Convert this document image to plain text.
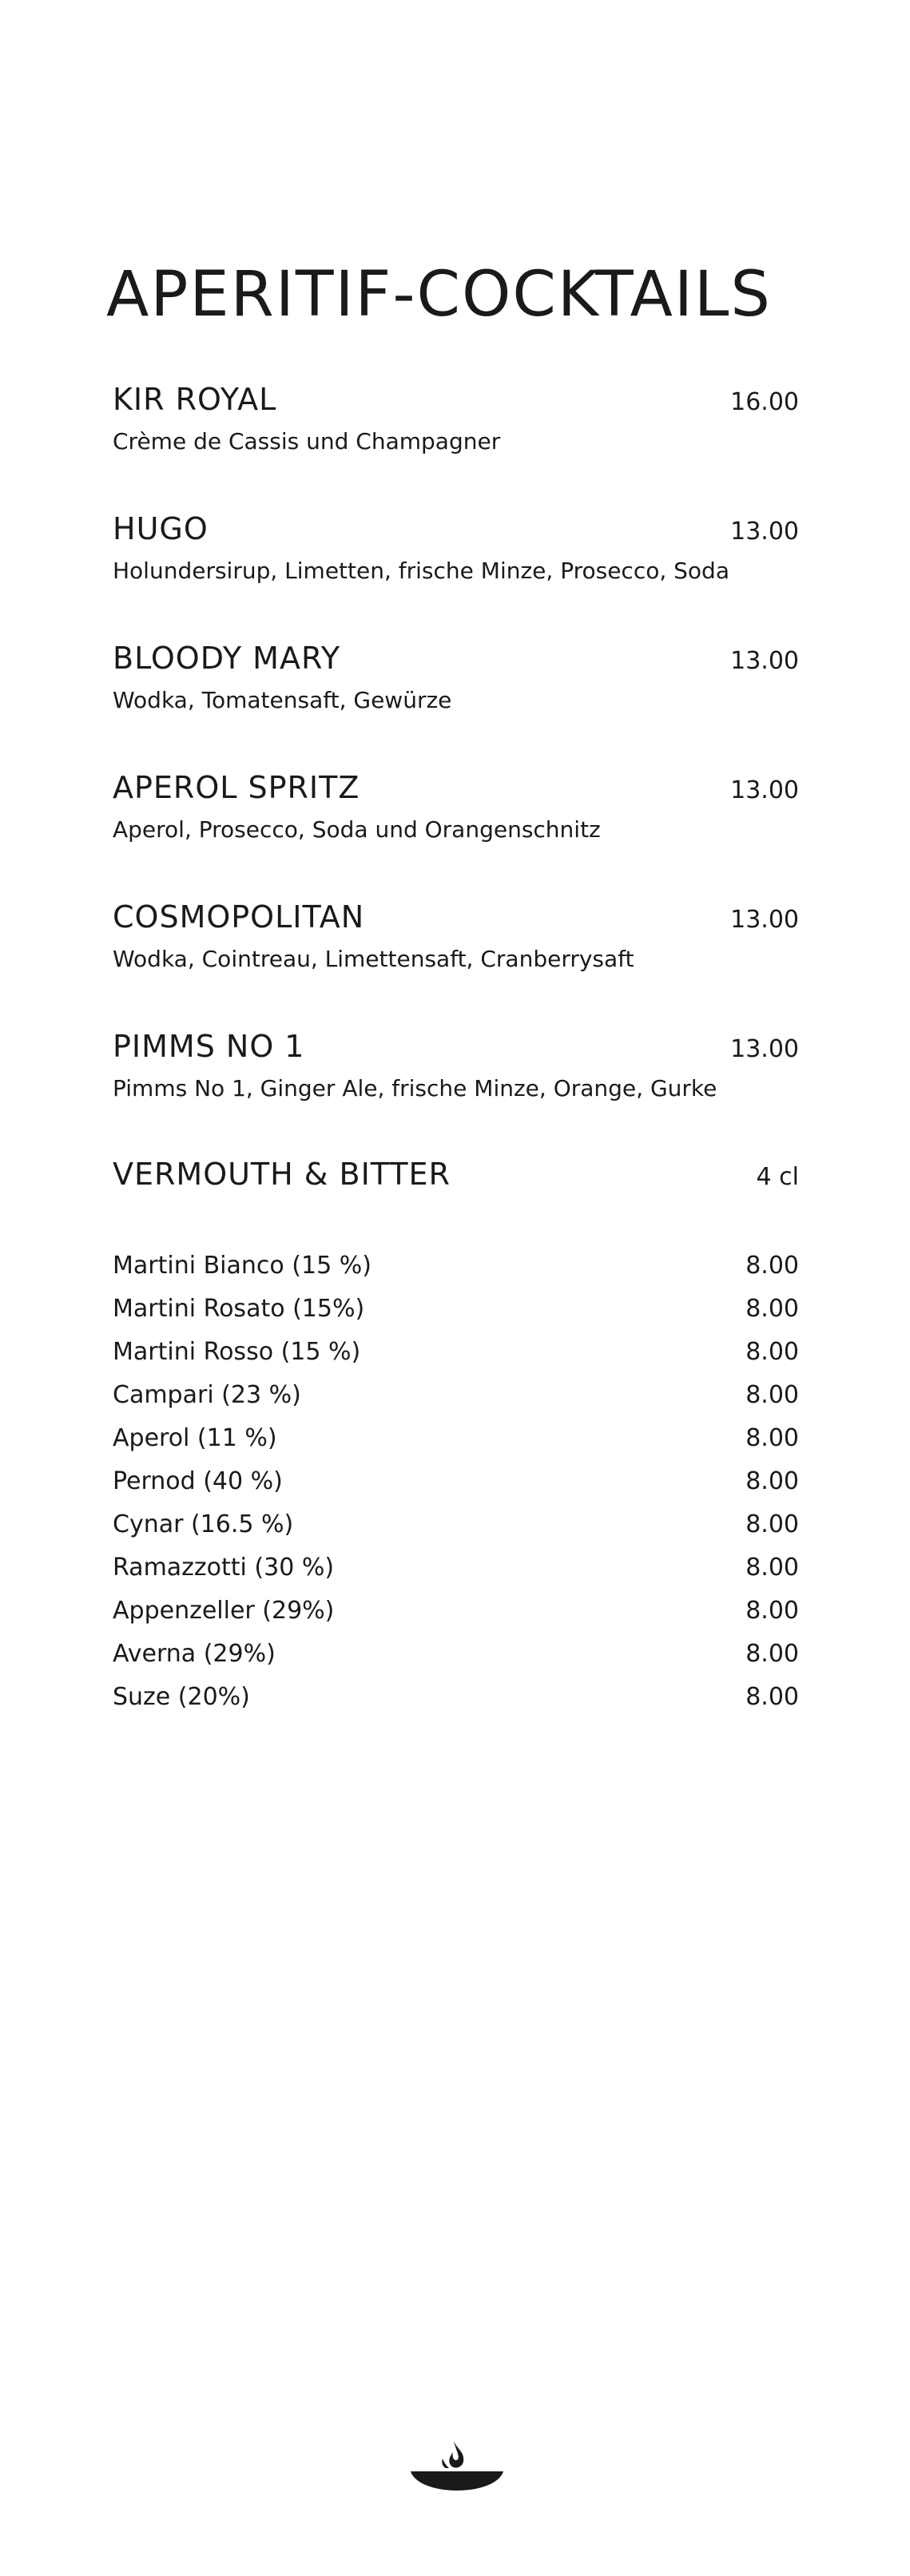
APERITIF-COCKTAILS
KIR ROYAL	16.00
Crème de Cassis und Champagner
HUGO	13.00
Holundersirup, Limetten, frische Minze, Prosecco, Soda
BLOODY MARY	13.00
Wodka, Tomatensaft, Gewürze
APEROL SPRITZ	13.00
Aperol, Prosecco, Soda und Orangenschnitz
COSMOPOLITAN	13.00
Wodka, Cointreau, Limettensaft, Cranberrysaft
PIMMS NO 1	13.00
Pimms No 1, Ginger Ale, frische Minze, Orange, Gurke
VERMOUTH & BITTER	4 cl
Martini Bianco (15 %)	8.00
Martini Rosato (15%)	8.00
Martini Rosso (15 %)	8.00
Campari (23 %)	8.00
Aperol (11 %)	8.00
Pernod (40 %)	8.00
Cynar (16.5 %)	8.00
Ramazzotti (30 %)	8.00
Appenzeller (29%)	8.00
Averna (29%)	8.00
Suze (20%)	8.00
